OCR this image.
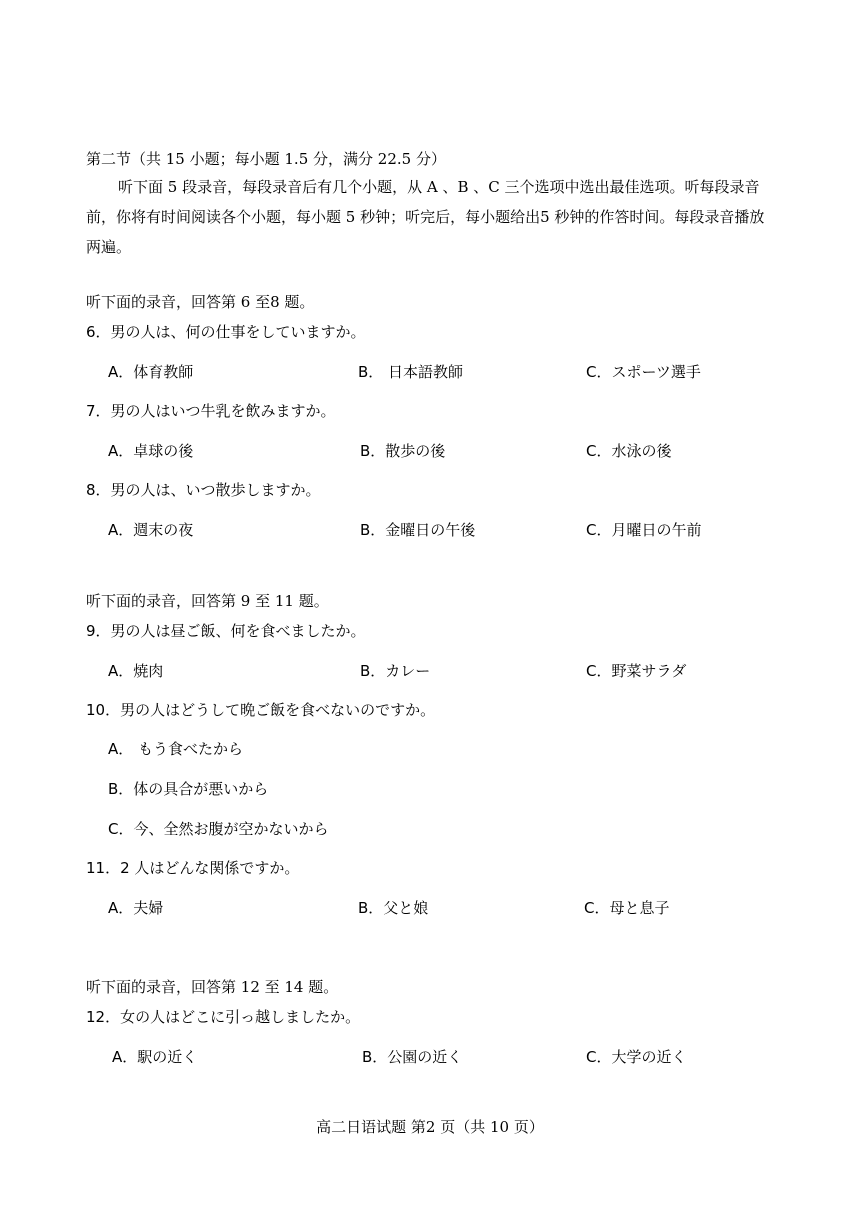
第二节（共 15 小题；每小题 1.5 分，满分 22.5 分）
听下面 5 段录音，每段录音后有几个小题，从 A 、B 、C 三个选项中选出最佳选项。听每段录音前，你将有时间阅读各个小题，每小题 5 秒钟；听完后，每小题给出5 秒钟的作答时间。每段录音播放两遍。
听下面的录音，回答第 6 至8 题。
6．男の人は、何の仕事をしていますか。
A．体育教師	B． 日本語教師	C．スポーツ選手
7．男の人はいつ牛乳を飲みますか。
A．卓球の後	B．散歩の後	C．水泳の後
8．男の人は、いつ散歩しますか。
A．週末の夜	B．金曜日の午後	C．月曜日の午前
听下面的录音，回答第 9 至 11 题。
9．男の人は昼ご飯、何を食べましたか。
A．焼肉	B．カレー	C．野菜サラダ
10．男の人はどうして晩ご飯を食べないのですか。
A． もう食べたから
B．体の具合が悪いから
C．今、全然お腹が空かないから
11．2 人はどんな関係ですか。
A．夫婦	B．父と娘	C．母と息子
听下面的录音，回答第 12 至 14 题。
12．女の人はどこに引っ越しましたか。
A．駅の近く	B．公園の近く	C．大学の近く
高二日语试题 第2 页（共 10 页）
